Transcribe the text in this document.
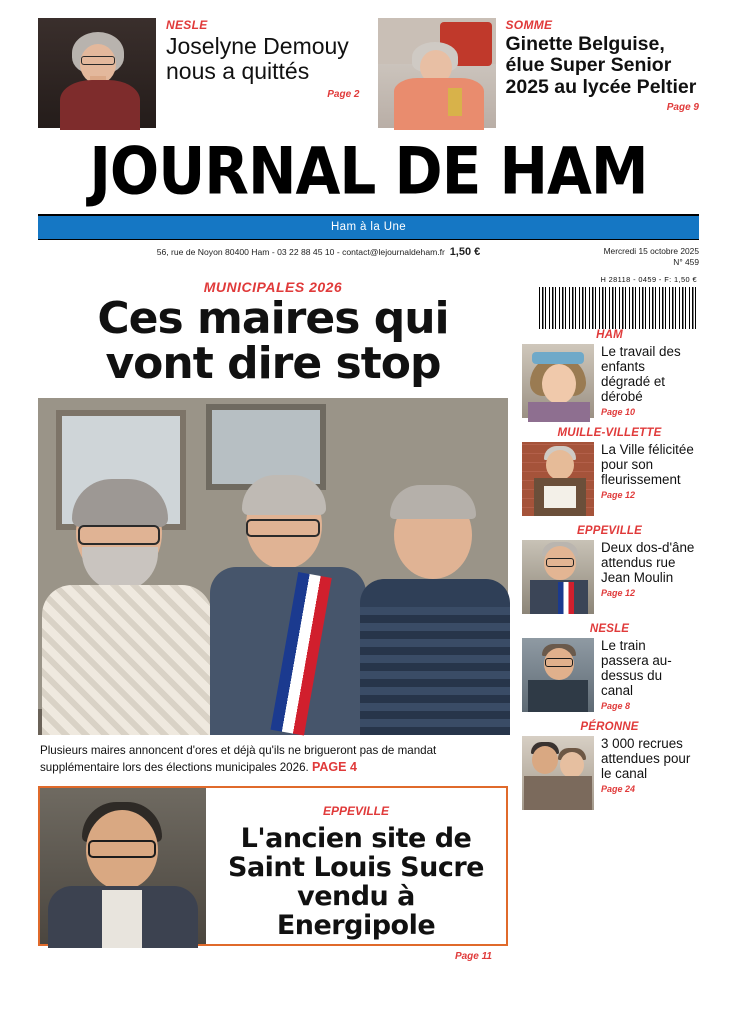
NESLE
Joselyne Demouy nous a quittés
Page 2
SOMME
Ginette Belguise, élue Super Senior 2025 au lycée Peltier
Page 9
JOURNAL DE HAM
Ham à la Une
56, rue de Noyon 80400 Ham - 03 22 88 45 10 - contact@lejournaldeham.fr 1,50 €	Mercredi 15 octobre 2025
N° 459
MUNICIPALES 2026
Ces maires qui
vont dire stop
Plusieurs maires annoncent d'ores et déjà qu'ils ne brigueront pas de mandat supplémentaire lors des élections municipales 2026. PAGE 4
EPPEVILLE
L'ancien site de
Saint Louis Sucre
vendu à Energipole
Page 11
H 28118 - 0459 - F: 1,50 €
HAM
Le travail des enfants dégradé et dérobé
Page 10
MUILLE-VILLETTE
La Ville félicitée pour son fleurissement
Page 12
EPPEVILLE
Deux dos-d'âne attendus rue Jean Moulin
Page 12
NESLE
Le train passera au-dessus du canal
Page 8
PÉRONNE
3 000 recrues attendues pour le canal
Page 24
